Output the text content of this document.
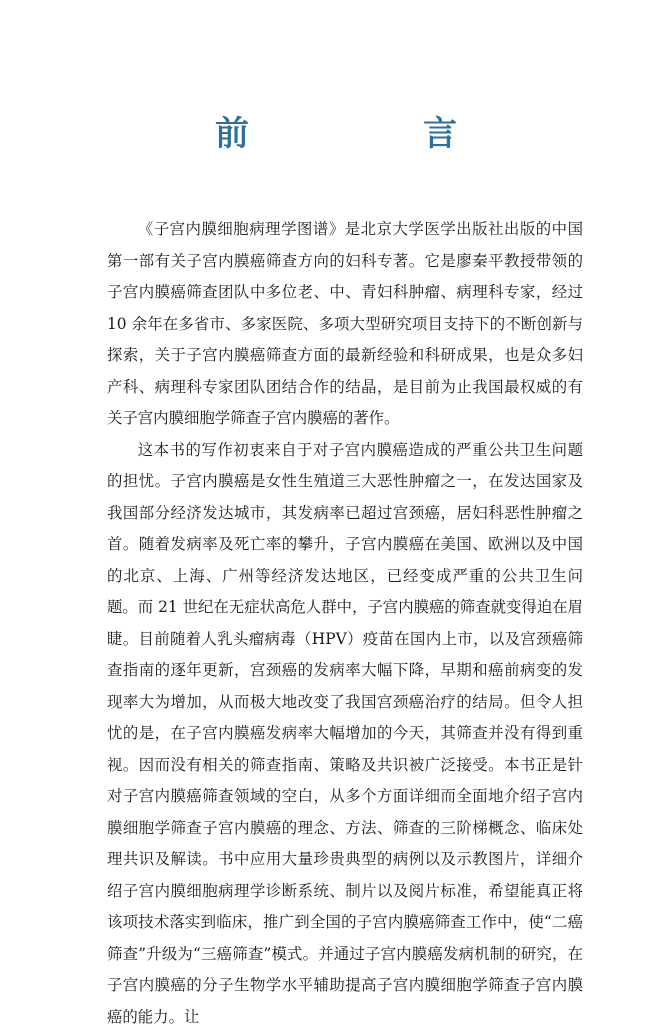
前　言

《子宫内膜细胞病理学图谱》是北京大学医学出版社出版的中国第一部有关子宫内膜癌筛查方向的妇科专著。它是廖秦平教授带领的子宫内膜癌筛查团队中多位老、中、青妇科肿瘤、病理科专家，经过 10 余年在多省市、多家医院、多项大型研究项目支持下的不断创新与探索，关于子宫内膜癌筛查方面的最新经验和科研成果，也是众多妇产科、病理科专家团队团结合作的结晶，是目前为止我国最权威的有关子宫内膜细胞学筛查子宫内膜癌的著作。

这本书的写作初衷来自于对子宫内膜癌造成的严重公共卫生问题的担忧。子宫内膜癌是女性生殖道三大恶性肿瘤之一，在发达国家及我国部分经济发达城市，其发病率已超过宫颈癌，居妇科恶性肿瘤之首。随着发病率及死亡率的攀升，子宫内膜癌在美国、欧洲以及中国的北京、上海、广州等经济发达地区，已经变成严重的公共卫生问题。而 21 世纪在无症状高危人群中，子宫内膜癌的筛查就变得迫在眉睫。目前随着人乳头瘤病毒（HPV）疫苗在国内上市，以及宫颈癌筛查指南的逐年更新，宫颈癌的发病率大幅下降，早期和癌前病变的发现率大为增加，从而极大地改变了我国宫颈癌治疗的结局。但令人担忧的是，在子宫内膜癌发病率大幅增加的今天，其筛查并没有得到重视。因而没有相关的筛查指南、策略及共识被广泛接受。本书正是针对子宫内膜癌筛查领域的空白，从多个方面详细而全面地介绍子宫内膜细胞学筛查子宫内膜癌的理念、方法、筛查的三阶梯概念、临床处理共识及解读。书中应用大量珍贵典型的病例以及示教图片，详细介绍子宫内膜细胞病理学诊断系统、制片以及阅片标准，希望能真正将该项技术落实到临床，推广到全国的子宫内膜癌筛查工作中，使“二癌筛查”升级为“三癌筛查”模式。并通过子宫内膜癌发病机制的研究，在子宫内膜癌的分子生物学水平辅助提高子宫内膜细胞学筛查子宫内膜癌的能力。让
